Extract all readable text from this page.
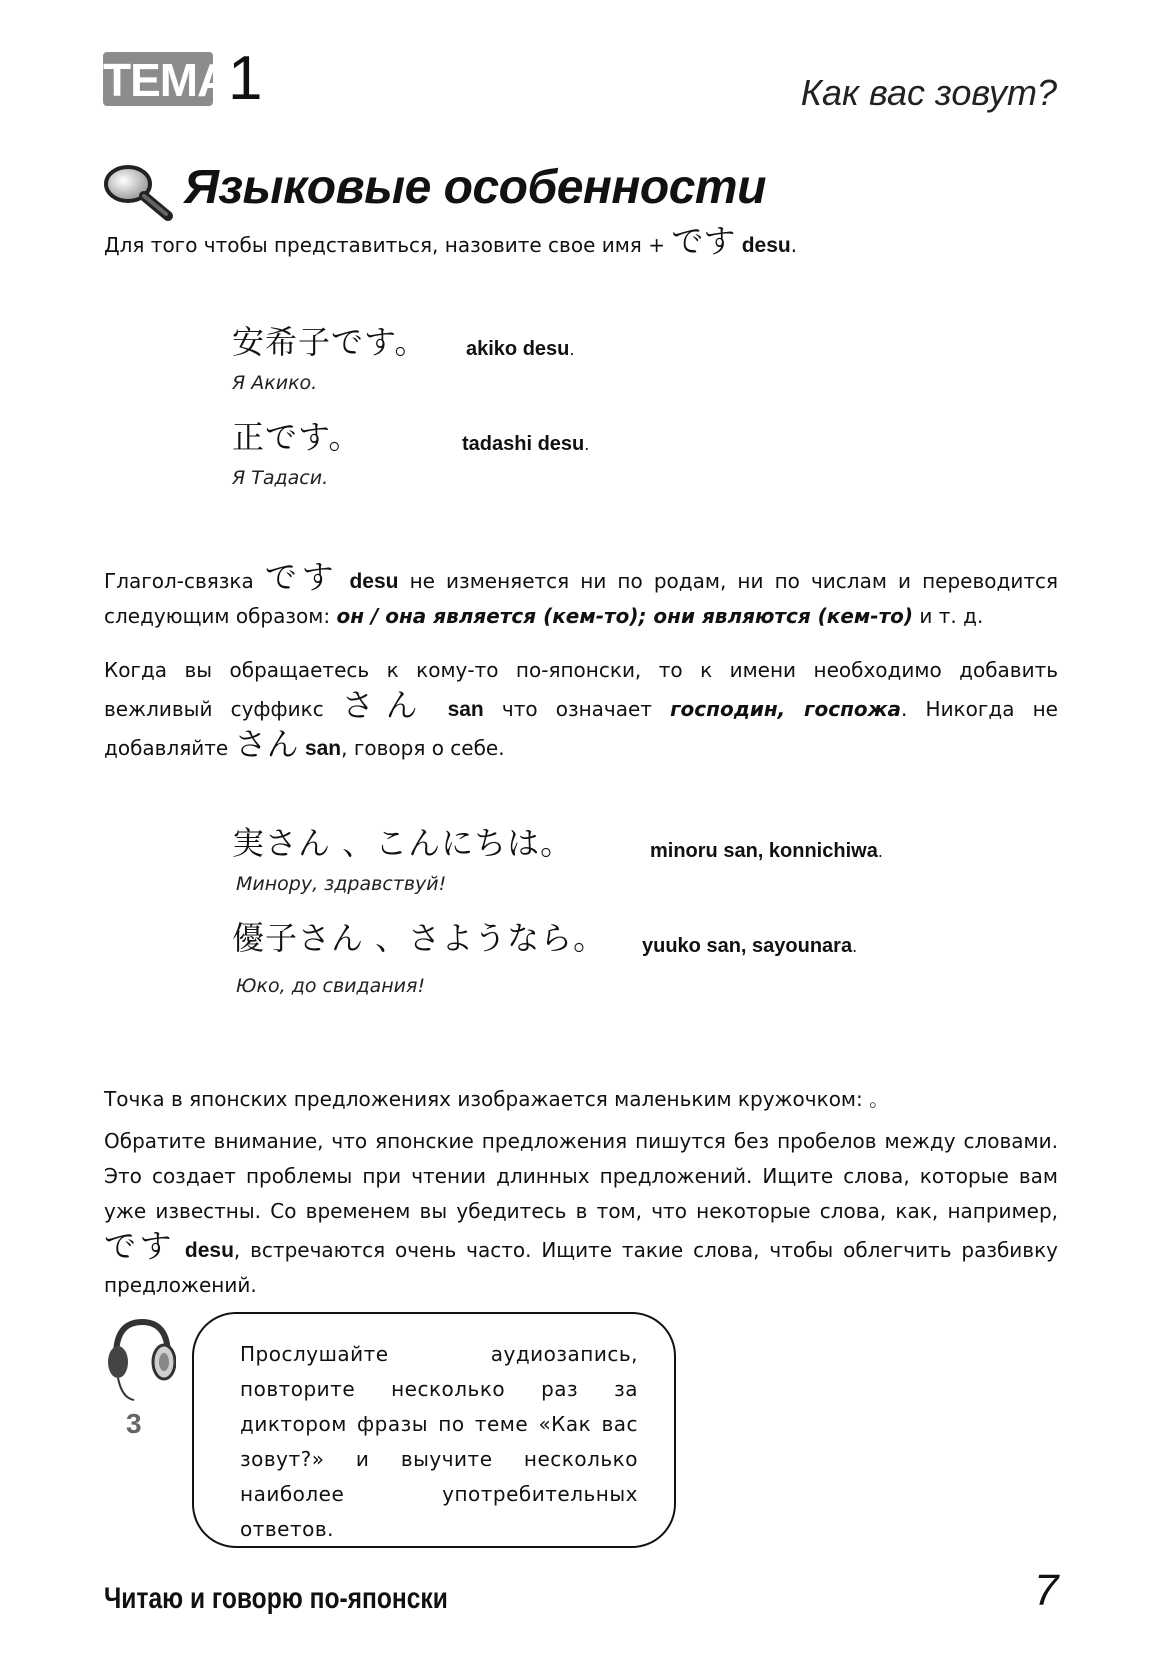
ТЕМА
1	Как вас зовут?
Языковые особенности
Для того чтобы представиться, назовите свое имя + です desu.
安希子です。 akiko desu.
Я Акико.
正です。	tadashi desu.
Я Тадаси.
Глагол-связка です desu не изменяется ни по родам, ни по числам и переводится следующим образом: он / она является (кем-то); они являются (кем-то) и т. д.
Когда вы обращаетесь к кому-то по-японски, то к имени необходимо добавить вежливый суффикс さん san что означает господин, госпожа. Никогда не добавляйте さん san, говоря о себе.
実さん 、こんにちは。	minoru san, konnichiwa.
Минору, здравствуй!
優子さん 、さようなら。 yuuko san, sayounara.
Юко, до свидания!
Точка в японских предложениях изображается маленьким кружочком: 。
Обратите внимание, что японские предложения пишутся без пробелов между словами. Это создает проблемы при чтении длинных предложений. Ищите слова, которые вам уже известны. Со временем вы убедитесь в том, что некоторые слова, как, например, です desu, встречаются очень часто. Ищите такие слова, чтобы облегчить разбивку предложений.
3
Прослушайте аудиозапись, повторите несколько раз за диктором фразы по теме «Как вас зовут?» и выучите несколько наиболее употребительных ответов.
Читаю и говорю по-японски	7
